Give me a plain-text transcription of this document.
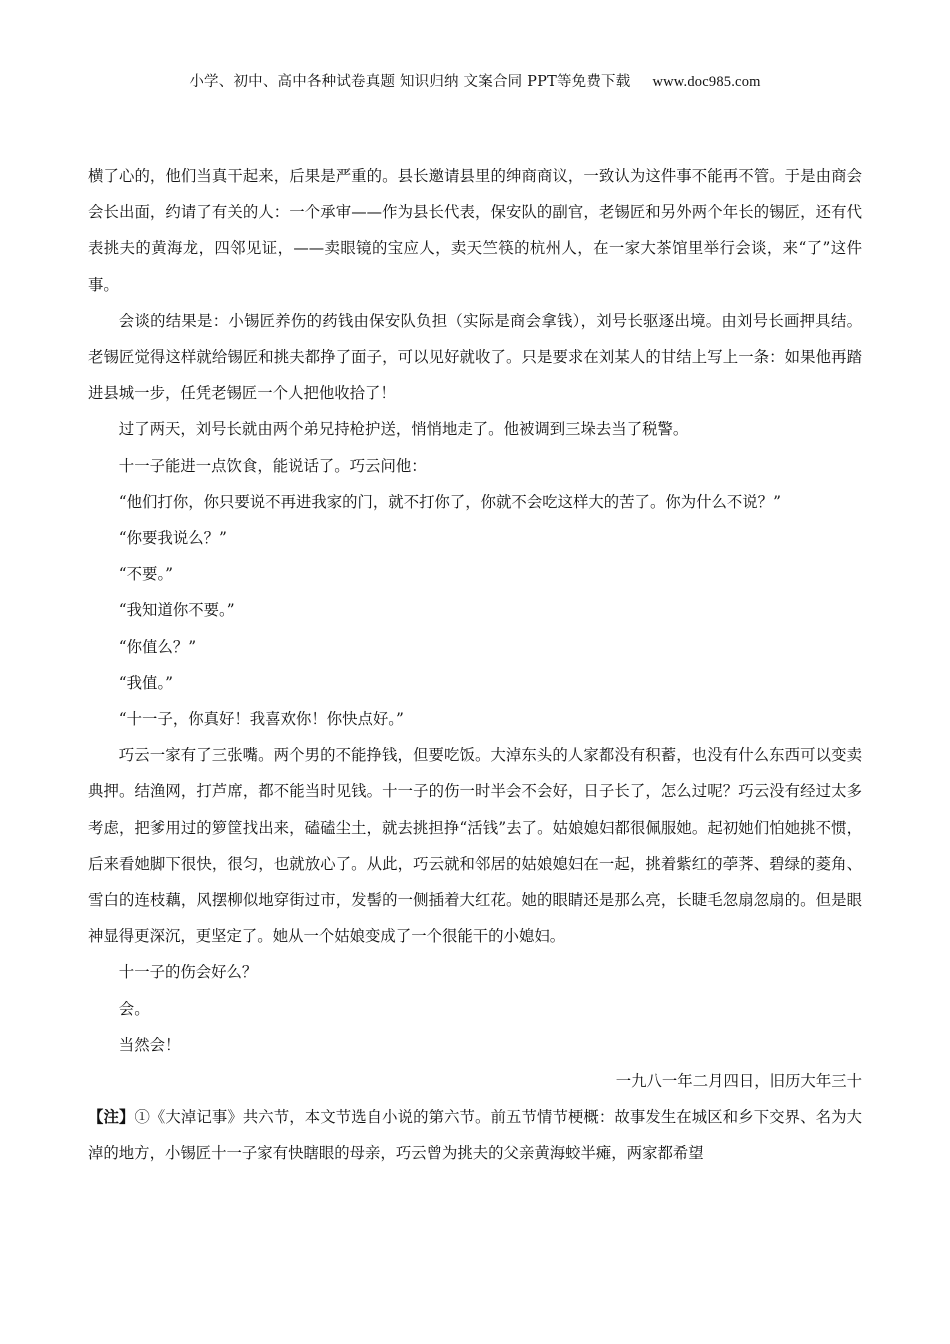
小学、初中、高中各种试卷真题 知识归纳 文案合同 PPT等免费下载 www.doc985.com

横了心的，他们当真干起来，后果是严重的。县长邀请县里的绅商商议，一致认为这件事不能再不管。于是由商会会长出面，约请了有关的人：一个承审——作为县长代表，保安队的副官，老锡匠和另外两个年长的锡匠，还有代表挑夫的黄海龙，四邻见证，——卖眼镜的宝应人，卖天竺筷的杭州人，在一家大茶馆里举行会谈，来“了”这件事。

会谈的结果是：小锡匠养伤的药钱由保安队负担（实际是商会拿钱），刘号长驱逐出境。由刘号长画押具结。老锡匠觉得这样就给锡匠和挑夫都挣了面子，可以见好就收了。只是要求在刘某人的甘结上写上一条：如果他再踏进县城一步，任凭老锡匠一个人把他收拾了！

过了两天，刘号长就由两个弟兄持枪护送，悄悄地走了。他被调到三垛去当了税警。

十一子能进一点饮食，能说话了。巧云问他：

“他们打你，你只要说不再进我家的门，就不打你了，你就不会吃这样大的苦了。你为什么不说？”

“你要我说么？”

“不要。”

“我知道你不要。”

“你值么？”

“我值。”

“十一子，你真好！我喜欢你！你快点好。”

巧云一家有了三张嘴。两个男的不能挣钱，但要吃饭。大淖东头的人家都没有积蓄，也没有什么东西可以变卖典押。结渔网，打芦席，都不能当时见钱。十一子的伤一时半会不会好，日子长了，怎么过呢？巧云没有经过太多考虑，把爹用过的箩筐找出来，磕磕尘土，就去挑担挣“活钱”去了。姑娘媳妇都很佩服她。起初她们怕她挑不惯，后来看她脚下很快，很匀，也就放心了。从此，巧云就和邻居的姑娘媳妇在一起，挑着紫红的荸荠、碧绿的菱角、雪白的连枝藕，风摆柳似地穿街过市，发髻的一侧插着大红花。她的眼睛还是那么亮，长睫毛忽扇忽扇的。但是眼神显得更深沉，更坚定了。她从一个姑娘变成了一个很能干的小媳妇。

十一子的伤会好么？

会。

当然会！

一九八一年二月四日，旧历大年三十

【注】①《大淖记事》共六节，本文节选自小说的第六节。前五节情节梗概：故事发生在城区和乡下交界、名为大淖的地方，小锡匠十一子家有快瞎眼的母亲，巧云曾为挑夫的父亲黄海蛟半瘫，两家都希望
